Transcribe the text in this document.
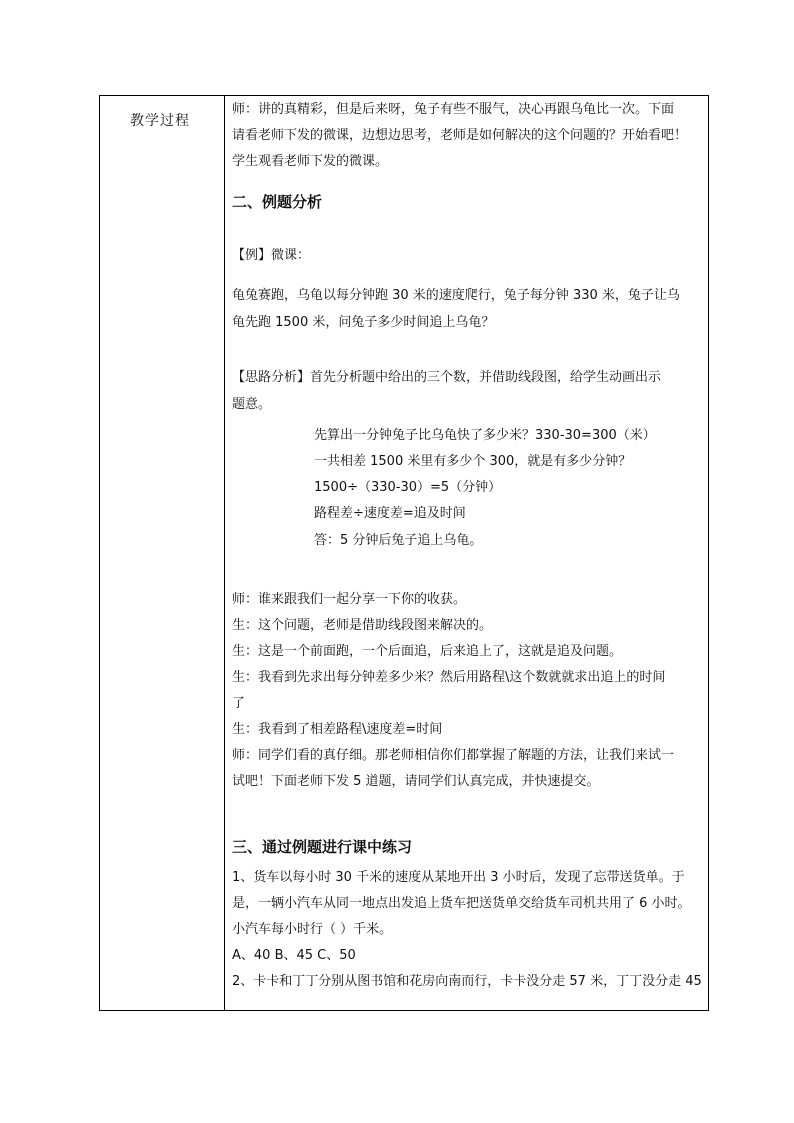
教学过程
师：讲的真精彩，但是后来呀，兔子有些不服气，决心再跟乌龟比一次。下面
请看老师下发的微课，边想边思考，老师是如何解决的这个问题的？开始看吧！
学生观看老师下发的微课。
二、例题分析
【例】微课：
龟兔赛跑，乌龟以每分钟跑 30 米的速度爬行，兔子每分钟 330 米，兔子让乌
龟先跑 1500 米，问兔子多少时间追上乌龟？
【思路分析】首先分析题中给出的三个数，并借助线段图，给学生动画出示
题意。
先算出一分钟兔子比乌龟快了多少米？330-30=300（米）
一共相差 1500 米里有多少个 300，就是有多少分钟？
1500÷（330-30）=5（分钟）
路程差÷速度差=追及时间
答：5 分钟后兔子追上乌龟。
师：谁来跟我们一起分享一下你的收获。
生：这个问题，老师是借助线段图来解决的。
生：这是一个前面跑，一个后面追，后来追上了，这就是追及问题。
生：我看到先求出每分钟差多少米？然后用路程\这个数就就求出追上的时间
了
生：我看到了相差路程\速度差=时间
师：同学们看的真仔细。那老师相信你们都掌握了解题的方法，让我们来试一
试吧！下面老师下发 5 道题，请同学们认真完成，并快速提交。
三、通过例题进行课中练习
1、货车以每小时 30 千米的速度从某地开出 3 小时后，发现了忘带送货单。于
是，一辆小汽车从同一地点出发追上货车把送货单交给货车司机共用了 6 小时。
小汽车每小时行（ ）千米。
A、40 B、45 C、50
2、卡卡和丁丁分别从图书馆和花房向南而行，卡卡没分走 57 米，丁丁没分走 45
